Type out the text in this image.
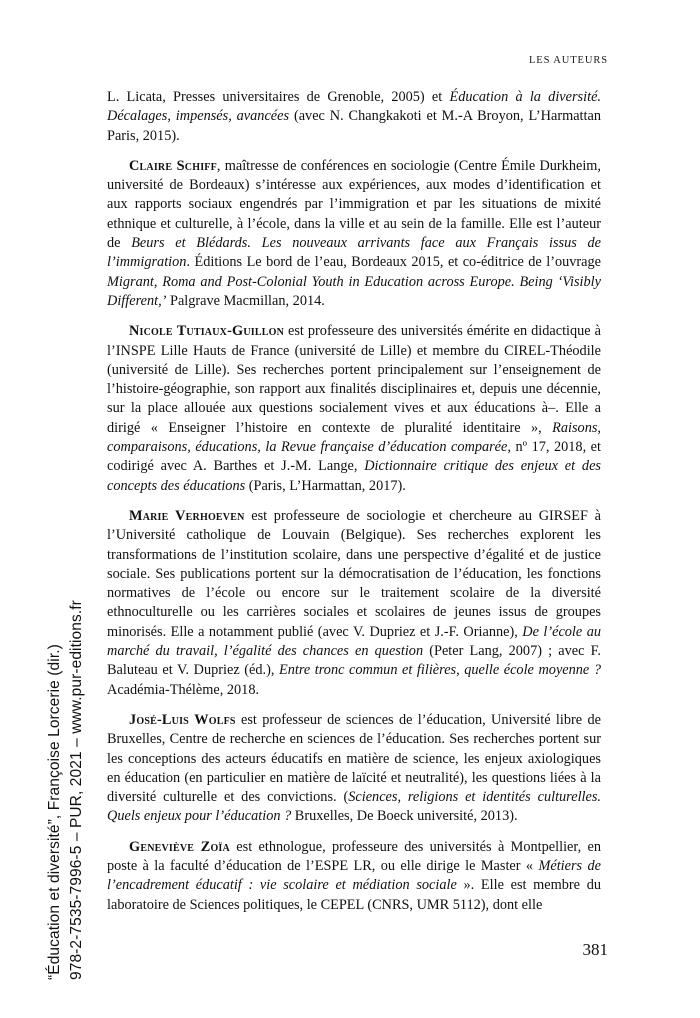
LES AUTEURS
“Éducation et diversité”, Françoise Lorcerie (dir.) 978-2-7535-7996-5 – PUR, 2021 – www.pur-editions.fr
L. Licata, Presses universitaires de Grenoble, 2005) et Éducation à la diversité. Décalages, impensés, avancées (avec N. Changkakoti et M.-A Broyon, L’Harmattan Paris, 2015).
Claire Schiff, maîtresse de conférences en sociologie (Centre Émile Durkheim, université de Bordeaux) s’intéresse aux expériences, aux modes d’identification et aux rapports sociaux engendrés par l’immigration et par les situations de mixité ethnique et culturelle, à l’école, dans la ville et au sein de la famille. Elle est l’auteur de Beurs et Blédards. Les nouveaux arrivants face aux Français issus de l’immigration. Éditions Le bord de l’eau, Bordeaux 2015, et co-éditrice de l’ouvrage Migrant, Roma and Post-Colonial Youth in Education across Europe. Being ‘Visibly Different,’ Palgrave Macmillan, 2014.
Nicole Tutiaux-Guillon est professeure des universités émérite en didactique à l’INSPE Lille Hauts de France (université de Lille) et membre du CIREL-Théodile (université de Lille). Ses recherches portent principalement sur l’enseignement de l’histoire-géographie, son rapport aux finalités disciplinaires et, depuis une décennie, sur la place allouée aux questions socialement vives et aux éducations à–. Elle a dirigé « Enseigner l’histoire en contexte de pluralité identitaire », Raisons, comparaisons, éducations, la Revue française d’éducation comparée, nº 17, 2018, et codirigé avec A. Barthes et J.-M. Lange, Dictionnaire critique des enjeux et des concepts des éducations (Paris, L’Harmattan, 2017).
Marie Verhoeven est professeure de sociologie et chercheure au GIRSEF à l’Université catholique de Louvain (Belgique). Ses recherches explorent les transformations de l’institution scolaire, dans une perspective d’égalité et de justice sociale. Ses publications portent sur la démocratisation de l’éducation, les fonctions normatives de l’école ou encore sur le traitement scolaire de la diversité ethnoculturelle ou les carrières sociales et scolaires de jeunes issus de groupes minorisés. Elle a notamment publié (avec V. Dupriez et J.-F. Orianne), De l’école au marché du travail, l’égalité des chances en question (Peter Lang, 2007) ; avec F. Baluteau et V. Dupriez (éd.), Entre tronc commun et filières, quelle école moyenne ? Académia-Thélème, 2018.
José-Luis Wolfs est professeur de sciences de l’éducation, Université libre de Bruxelles, Centre de recherche en sciences de l’éducation. Ses recherches portent sur les conceptions des acteurs éducatifs en matière de science, les enjeux axiologiques en éducation (en particulier en matière de laïcité et neutralité), les questions liées à la diversité culturelle et des convictions. (Sciences, religions et identités culturelles. Quels enjeux pour l’éducation ? Bruxelles, De Boeck université, 2013).
Geneviève Zoïa est ethnologue, professeure des universités à Montpellier, en poste à la faculté d’éducation de l’ESPE LR, ou elle dirige le Master « Métiers de l’encadrement éducatif : vie scolaire et médiation sociale ». Elle est membre du laboratoire de Sciences politiques, le CEPEL (CNRS, UMR 5112), dont elle
381
